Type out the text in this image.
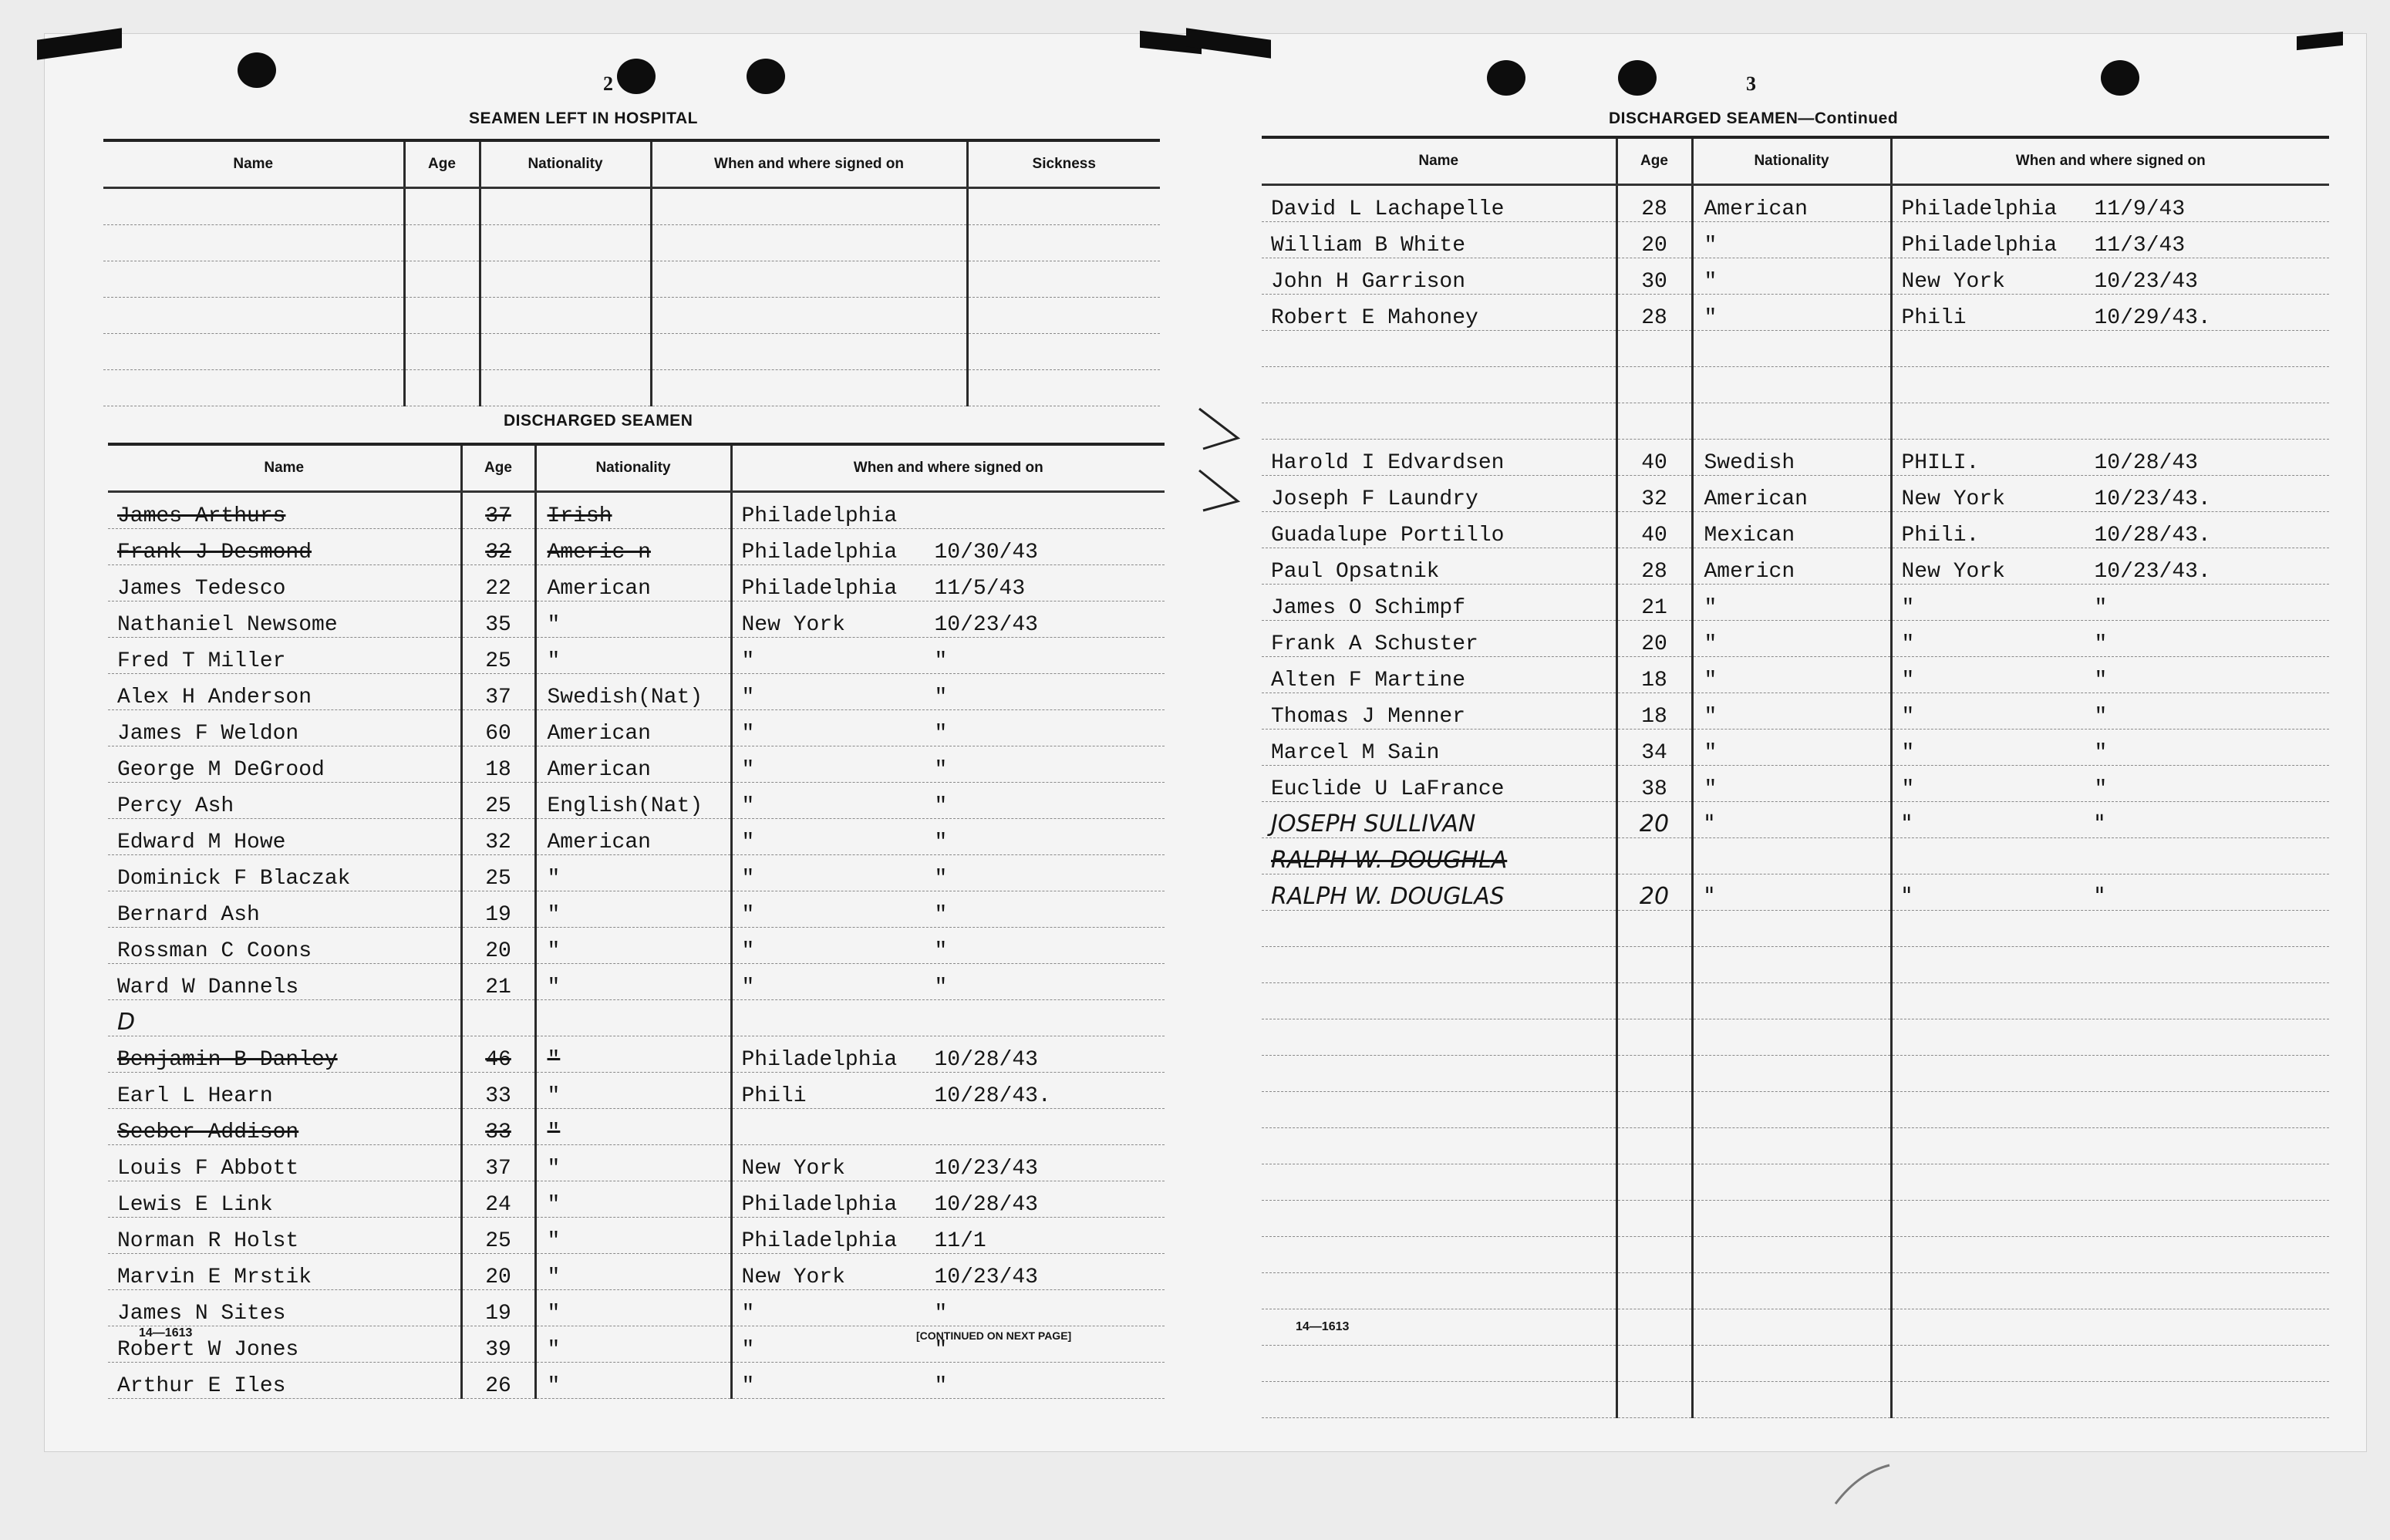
2
SEAMEN LEFT IN HOSPITAL
Name	Age	Nationality	When and where signed on	Sickness

DISCHARGED SEAMEN
Name	Age	Nationality	When and where signed on
James Arthurs	37	Irish	Philadelphia
Frank J Desmond	32	Americ n	Philadelphia 10/30/43
James Tedesco	22	American	Philadelphia 11/5/43
Nathaniel Newsome	35	"	New York 10/23/43
Fred T Miller	25	"	" "
Alex H Anderson	37	Swedish(Nat)	" "
James F Weldon	60	American	" "
George M DeGrood	18	American	" "
Percy Ash	25	English(Nat)	" "
Edward M Howe	32	American	" "
Dominick F Blaczak	25	"	" "
Bernard Ash	19	"	" "
Rossman C Coons	20	"	" "
Ward W Dannels	21	"	" "
D			
Benjamin B Danley	46	"	Philadelphia 10/28/43
Earl L Hearn	33	"	Phili 10/28/43.
Seeber Addison	33	"	
Louis F Abbott	37	"	New York 10/23/43
Lewis E Link	24	"	Philadelphia 10/28/43
Norman R Holst	25	"	Philadelphia 11/1
Marvin E Mrstik	20	"	New York 10/23/43
James N Sites	19	"	" "
Robert W Jones	39	"	" "
Arthur E Iles	26	"	" "
14—1613	[CONTINUED ON NEXT PAGE]
3
DISCHARGED SEAMEN—Continued
Name	Age	Nationality	When and where signed on
David L Lachapelle	28	American	Philadelphia 11/9/43
William B White	20	"	Philadelphia 11/3/43
John H Garrison	30	"	New York 10/23/43
Robert E Mahoney	28	"	Phili 10/29/43.

Harold I Edvardsen	40	Swedish	PHILI. 10/28/43
Joseph F Laundry	32	American	New York 10/23/43.
Guadalupe Portillo	40	Mexican	Phili. 10/28/43.
Paul Opsatnik	28	Americn	New York 10/23/43.
James O Schimpf	21	"	" "
Frank A Schuster	20	"	" "
Alten F Martine	18	"	" "
Thomas J Menner	18	"	" "
Marcel M Sain	34	"	" "
Euclide U LaFrance	38	"	" "
JOSEPH SULLIVAN	20	"	" "
RALPH W. DOUGHLA			
RALPH W. DOUGLAS	20	"	" "

14—1613
